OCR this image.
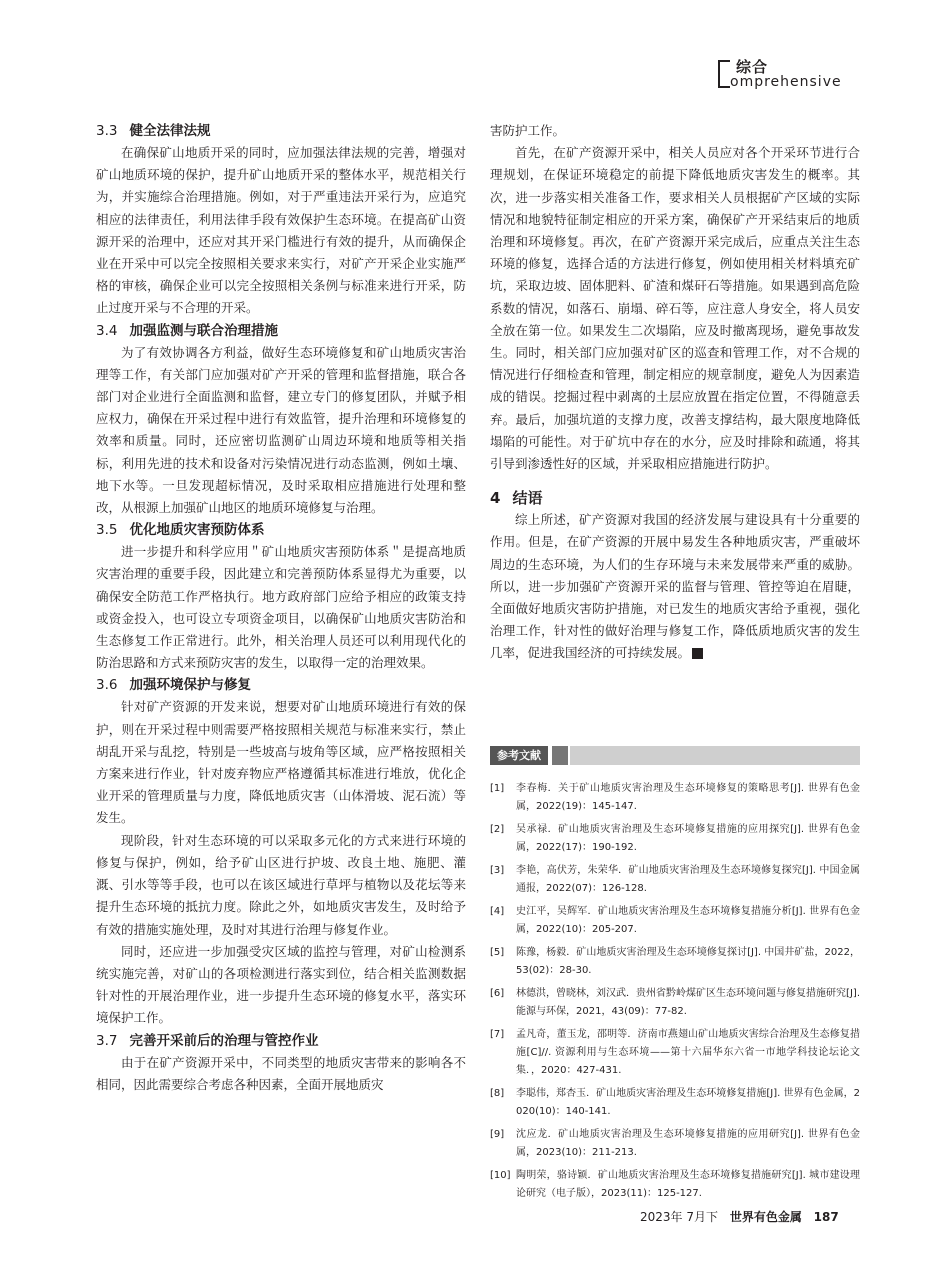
综合
omprehensive
3.3 健全法律法规

在确保矿山地质开采的同时，应加强法律法规的完善，增强对矿山地质环境的保护，提升矿山地质开采的整体水平，规范相关行为，并实施综合治理措施。例如，对于严重违法开采行为，应追究相应的法律责任，利用法律手段有效保护生态环境。在提高矿山资源开采的治理中，还应对其开采门槛进行有效的提升，从而确保企业在开采中可以完全按照相关要求来实行，对矿产开采企业实施严格的审核，确保企业可以完全按照相关条例与标准来进行开采，防止过度开采与不合理的开采。

3.4 加强监测与联合治理措施

为了有效协调各方利益，做好生态环境修复和矿山地质灾害治理等工作，有关部门应加强对矿产开采的管理和监督措施，联合各部门对企业进行全面监测和监督，建立专门的修复团队，并赋予相应权力，确保在开采过程中进行有效监管，提升治理和环境修复的效率和质量。同时，还应密切监测矿山周边环境和地质等相关指标，利用先进的技术和设备对污染情况进行动态监测，例如土壤、地下水等。一旦发现超标情况，及时采取相应措施进行处理和整改，从根源上加强矿山地区的地质环境修复与治理。

3.5 优化地质灾害预防体系

进一步提升和科学应用＂矿山地质灾害预防体系＂是提高地质灾害治理的重要手段，因此建立和完善预防体系显得尤为重要，以确保安全防范工作严格执行。地方政府部门应给予相应的政策支持或资金投入，也可设立专项资金项目，以确保矿山地质灾害防治和生态修复工作正常进行。此外，相关治理人员还可以利用现代化的防治思路和方式来预防灾害的发生，以取得一定的治理效果。

3.6 加强环境保护与修复

针对矿产资源的开发来说，想要对矿山地质环境进行有效的保护，则在开采过程中则需要严格按照相关规范与标准来实行，禁止胡乱开采与乱挖，特别是一些坡高与坡角等区域，应严格按照相关方案来进行作业，针对废弃物应严格遵循其标准进行堆放，优化企业开采的管理质量与力度，降低地质灾害（山体滑坡、泥石流）等发生。

现阶段，针对生态环境的可以采取多元化的方式来进行环境的修复与保护，例如，给予矿山区进行护坡、改良土地、施肥、灌溉、引水等等手段，也可以在该区域进行草坪与植物以及花坛等来提升生态环境的抵抗力度。除此之外，如地质灾害发生，及时给予有效的措施实施处理，及时对其进行治理与修复作业。

同时，还应进一步加强受灾区域的监控与管理，对矿山检测系统实施完善，对矿山的各项检测进行落实到位，结合相关监测数据针对性的开展治理作业，进一步提升生态环境的修复水平，落实环境保护工作。

3.7 完善开采前后的治理与管控作业

由于在矿产资源开采中，不同类型的地质灾害带来的影响各不相同，因此需要综合考虑各种因素，全面开展地质灾

害防护工作。

首先，在矿产资源开采中，相关人员应对各个开采环节进行合理规划，在保证环境稳定的前提下降低地质灾害发生的概率。其次，进一步落实相关准备工作，要求相关人员根据矿产区域的实际情况和地貌特征制定相应的开采方案，确保矿产开采结束后的地质治理和环境修复。再次，在矿产资源开采完成后，应重点关注生态环境的修复，选择合适的方法进行修复，例如使用相关材料填充矿坑，采取边坡、固体肥料、矿渣和煤矸石等措施。如果遇到高危险系数的情况，如落石、崩塌、碎石等，应注意人身安全，将人员安全放在第一位。如果发生二次塌陷，应及时撤离现场，避免事故发生。同时，相关部门应加强对矿区的巡查和管理工作，对不合规的情况进行仔细检查和管理，制定相应的规章制度，避免人为因素造成的错误。挖掘过程中剥离的土层应放置在指定位置，不得随意丢弃。最后，加强坑道的支撑力度，改善支撑结构，最大限度地降低塌陷的可能性。对于矿坑中存在的水分，应及时排除和疏通，将其引导到渗透性好的区域，并采取相应措施进行防护。

4 结语

综上所述，矿产资源对我国的经济发展与建设具有十分重要的作用。但是，在矿产资源的开展中易发生各种地质灾害，严重破坏周边的生态环境，为人们的生存环境与未来发展带来严重的威胁。所以，进一步加强矿产资源开采的监督与管理、管控等迫在眉睫，全面做好地质灾害防护措施，对已发生的地质灾害给予重视，强化治理工作，针对性的做好治理与修复工作，降低质地质灾害的发生几率，促进我国经济的可持续发展。

参考文献
[1] 李春梅．关于矿山地质灾害治理及生态环境修复的策略思考[J]. 世界有色金属，2022(19)：145-147.
[2] 吴承禄．矿山地质灾害治理及生态环境修复措施的应用探究[J]. 世界有色金属，2022(17)：190-192.
[3] 李艳，高伏芳，朱荣华．矿山地质灾害治理及生态环境修复探究[J]. 中国金属通报，2022(07)：126-128.
[4] 史江平，吴辉军．矿山地质灾害治理及生态环境修复措施分析[J]. 世界有色金属，2022(10)：205-207.
[5] 陈豫，杨毅．矿山地质灾害治理及生态环境修复探讨[J]. 中国井矿盐，2022，53(02)：28-30.
[6] 林德洪，曾晓林，刘汉武．贵州省黔岭煤矿区生态环境问题与修复措施研究[J]. 能源与环保，2021，43(09)：77-82.
[7] 孟凡奇，董玉龙，邵明等．济南市燕翅山矿山地质灾害综合治理及生态修复措施[C]//. 资源利用与生态环境——第十六届华东六省一市地学科技论坛论文集．，2020：427-431.
[8] 李聪伟，郑杏玉．矿山地质灾害治理及生态环境修复措施[J]. 世界有色金属，2020(10)：140-141.
[9] 沈应龙．矿山地质灾害治理及生态环境修复措施的应用研究[J]. 世界有色金属，2023(10)：211-213.
[10] 陶明荣，骆诗颖．矿山地质灾害治理及生态环境修复措施研究[J]. 城市建设理论研究（电子版），2023(11)：125-127.
2023年 7月下 世界有色金属 187
